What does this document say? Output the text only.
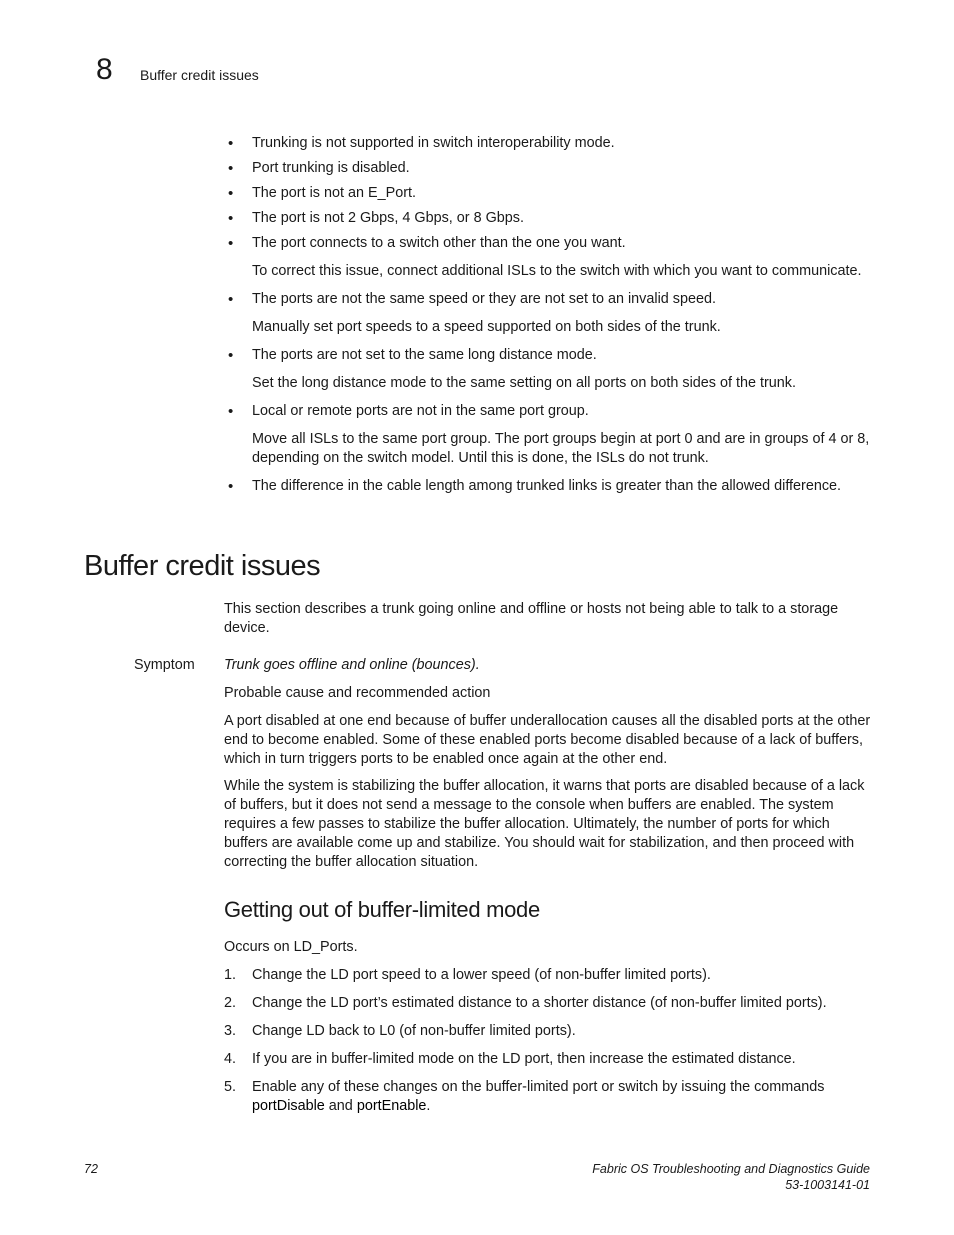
8 Buffer credit issues
• Trunking is not supported in switch interoperability mode.
• Port trunking is disabled.
• The port is not an E_Port.
• The port is not 2 Gbps, 4 Gbps, or 8 Gbps.
• The port connects to a switch other than the one you want.
To correct this issue, connect additional ISLs to the switch with which you want to communicate.
• The ports are not the same speed or they are not set to an invalid speed.
Manually set port speeds to a speed supported on both sides of the trunk.
• The ports are not set to the same long distance mode.
Set the long distance mode to the same setting on all ports on both sides of the trunk.
• Local or remote ports are not in the same port group.
Move all ISLs to the same port group. The port groups begin at port 0 and are in groups of 4 or 8, depending on the switch model. Until this is done, the ISLs do not trunk.
• The difference in the cable length among trunked links is greater than the allowed difference.
Buffer credit issues
This section describes a trunk going online and offline or hosts not being able to talk to a storage device.
Symptom Trunk goes offline and online (bounces).
Probable cause and recommended action
A port disabled at one end because of buffer underallocation causes all the disabled ports at the other end to become enabled. Some of these enabled ports become disabled because of a lack of buffers, which in turn triggers ports to be enabled once again at the other end.
While the system is stabilizing the buffer allocation, it warns that ports are disabled because of a lack of buffers, but it does not send a message to the console when buffers are enabled. The system requires a few passes to stabilize the buffer allocation. Ultimately, the number of ports for which buffers are available come up and stabilize. You should wait for stabilization, and then proceed with correcting the buffer allocation situation.
Getting out of buffer-limited mode
Occurs on LD_Ports.
1. Change the LD port speed to a lower speed (of non-buffer limited ports).
2. Change the LD port’s estimated distance to a shorter distance (of non-buffer limited ports).
3. Change LD back to L0 (of non-buffer limited ports).
4. If you are in buffer-limited mode on the LD port, then increase the estimated distance.
5. Enable any of these changes on the buffer-limited port or switch by issuing the commands portDisable and portEnable.
72	Fabric OS Troubleshooting and Diagnostics Guide
53-1003141-01
